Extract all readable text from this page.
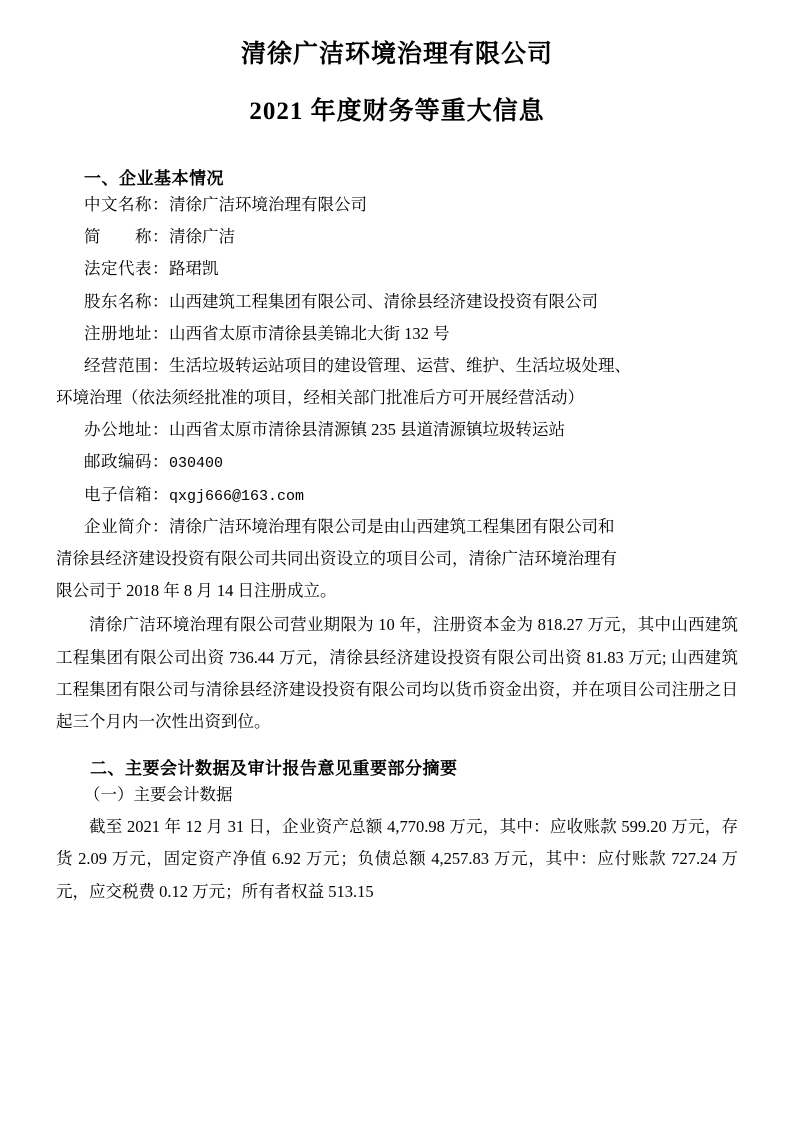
清徐广洁环境治理有限公司
2021 年度财务等重大信息
一、企业基本情况
中文名称：清徐广洁环境治理有限公司
简　　称：清徐广洁
法定代表：路珺凯
股东名称：山西建筑工程集团有限公司、清徐县经济建设投资有限公司
注册地址：山西省太原市清徐县美锦北大街 132 号
经营范围：生活垃圾转运站项目的建设管理、运营、维护、生活垃圾处理、
环境治理（依法须经批准的项目，经相关部门批准后方可开展经营活动）
办公地址：山西省太原市清徐县清源镇 235 县道清源镇垃圾转运站
邮政编码：030400
电子信箱：qxgj666@163.com
企业简介：清徐广洁环境治理有限公司是由山西建筑工程集团有限公司和
清徐县经济建设投资有限公司共同出资设立的项目公司，清徐广洁环境治理有
限公司于 2018 年 8 月 14 日注册成立。
清徐广洁环境治理有限公司营业期限为 10 年，注册资本金为 818.27 万元，其中山西建筑工程集团有限公司出资 736.44 万元，清徐县经济建设投资有限公司出资 81.83 万元; 山西建筑工程集团有限公司与清徐县经济建设投资有限公司均以货币资金出资，并在项目公司注册之日起三个月内一次性出资到位。
二、主要会计数据及审计报告意见重要部分摘要
（一）主要会计数据
截至 2021 年 12 月 31 日，企业资产总额 4,770.98 万元，其中：应收账款 599.20 万元，存货 2.09 万元，固定资产净值 6.92 万元；负债总额 4,257.83 万元，其中：应付账款 727.24 万元，应交税费 0.12 万元；所有者权益 513.15
